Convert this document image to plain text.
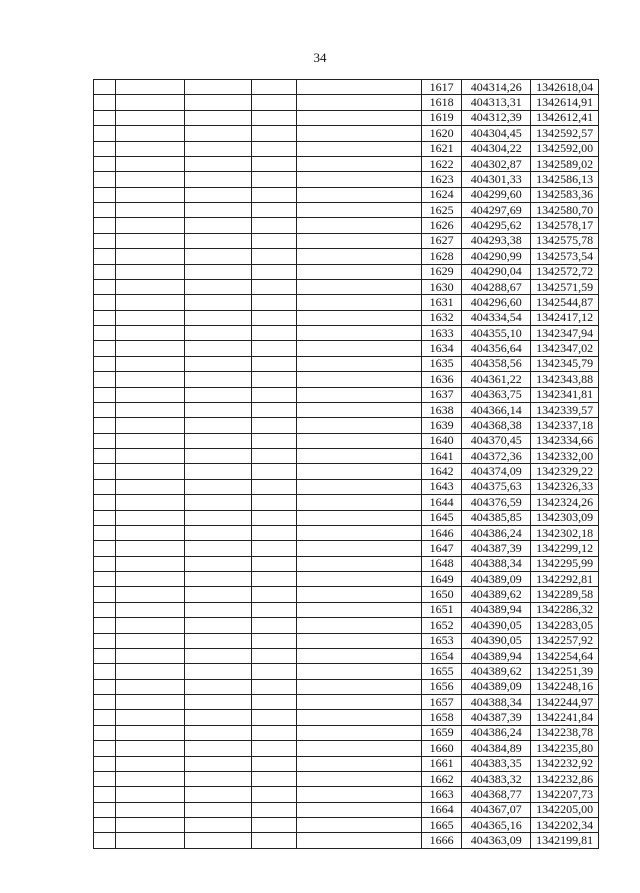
34
					1617	404314,26	1342618,04
					1618	404313,31	1342614,91
					1619	404312,39	1342612,41
					1620	404304,45	1342592,57
					1621	404304,22	1342592,00
					1622	404302,87	1342589,02
					1623	404301,33	1342586,13
					1624	404299,60	1342583,36
					1625	404297,69	1342580,70
					1626	404295,62	1342578,17
					1627	404293,38	1342575,78
					1628	404290,99	1342573,54
					1629	404290,04	1342572,72
					1630	404288,67	1342571,59
					1631	404296,60	1342544,87
					1632	404334,54	1342417,12
					1633	404355,10	1342347,94
					1634	404356,64	1342347,02
					1635	404358,56	1342345,79
					1636	404361,22	1342343,88
					1637	404363,75	1342341,81
					1638	404366,14	1342339,57
					1639	404368,38	1342337,18
					1640	404370,45	1342334,66
					1641	404372,36	1342332,00
					1642	404374,09	1342329,22
					1643	404375,63	1342326,33
					1644	404376,59	1342324,26
					1645	404385,85	1342303,09
					1646	404386,24	1342302,18
					1647	404387,39	1342299,12
					1648	404388,34	1342295,99
					1649	404389,09	1342292,81
					1650	404389,62	1342289,58
					1651	404389,94	1342286,32
					1652	404390,05	1342283,05
					1653	404390,05	1342257,92
					1654	404389,94	1342254,64
					1655	404389,62	1342251,39
					1656	404389,09	1342248,16
					1657	404388,34	1342244,97
					1658	404387,39	1342241,84
					1659	404386,24	1342238,78
					1660	404384,89	1342235,80
					1661	404383,35	1342232,92
					1662	404383,32	1342232,86
					1663	404368,77	1342207,73
					1664	404367,07	1342205,00
					1665	404365,16	1342202,34
					1666	404363,09	1342199,81
